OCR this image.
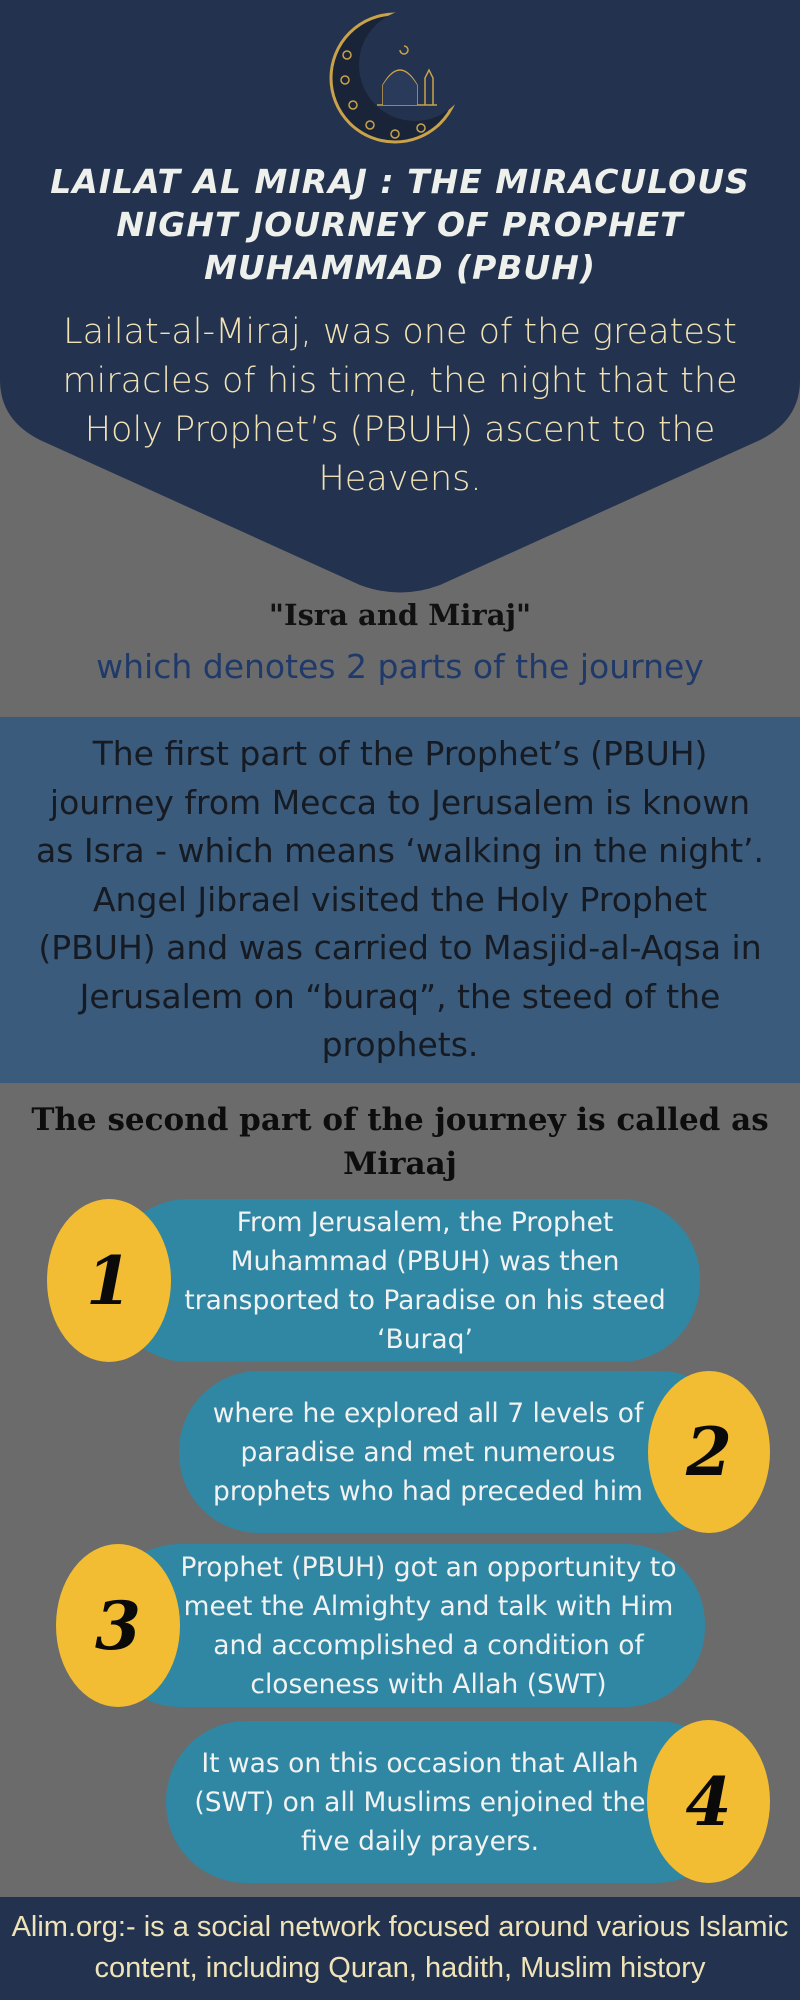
LAILAT AL MIRAJ : THE MIRACULOUS NIGHT JOURNEY OF PROPHET MUHAMMAD (PBUH)
Lailat-al-Miraj, was one of the greatest miracles of his time, the night that the Holy Prophet’s (PBUH) ascent to the Heavens.
"Isra and Miraj"
which denotes 2 parts of the journey
The first part of the Prophet’s (PBUH) journey from Mecca to Jerusalem is known as Isra - which means ‘walking in the night’. Angel Jibrael visited the Holy Prophet (PBUH) and was carried to Masjid-al-Aqsa in Jerusalem on “buraq”, the steed of the prophets.
The second part of the journey is called as Miraaj
From Jerusalem, the Prophet Muhammad (PBUH) was then transported to Paradise on his steed ‘Buraq’
1
where he explored all 7 levels of paradise and met numerous prophets who had preceded him 2
Prophet (PBUH) got an opportunity to meet the Almighty and talk with Him and accomplished a condition of closeness with Allah (SWT)
3
It was on this occasion that Allah (SWT) on all Muslims enjoined the five daily prayers.
4
Alim.org:- is a social network focused around various Islamic content, including Quran, hadith, Muslim history
